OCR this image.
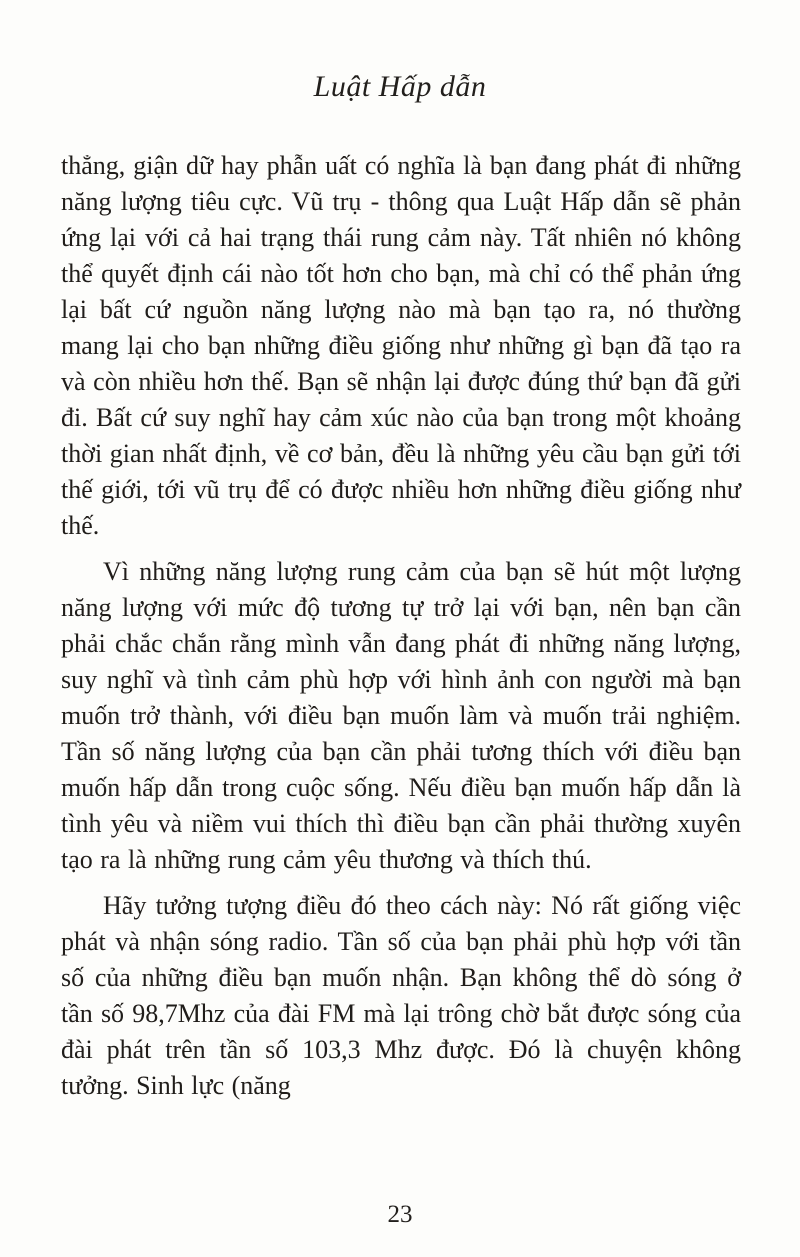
Luật Hấp dẫn

thẳng, giận dữ hay phẫn uất có nghĩa là bạn đang phát đi những năng lượng tiêu cực. Vũ trụ - thông qua Luật Hấp dẫn sẽ phản ứng lại với cả hai trạng thái rung cảm này. Tất nhiên nó không thể quyết định cái nào tốt hơn cho bạn, mà chỉ có thể phản ứng lại bất cứ nguồn năng lượng nào mà bạn tạo ra, nó thường mang lại cho bạn những điều giống như những gì bạn đã tạo ra và còn nhiều hơn thế. Bạn sẽ nhận lại được đúng thứ bạn đã gửi đi. Bất cứ suy nghĩ hay cảm xúc nào của bạn trong một khoảng thời gian nhất định, về cơ bản, đều là những yêu cầu bạn gửi tới thế giới, tới vũ trụ để có được nhiều hơn những điều giống như thế.

Vì những năng lượng rung cảm của bạn sẽ hút một lượng năng lượng với mức độ tương tự trở lại với bạn, nên bạn cần phải chắc chắn rằng mình vẫn đang phát đi những năng lượng, suy nghĩ và tình cảm phù hợp với hình ảnh con người mà bạn muốn trở thành, với điều bạn muốn làm và muốn trải nghiệm. Tần số năng lượng của bạn cần phải tương thích với điều bạn muốn hấp dẫn trong cuộc sống. Nếu điều bạn muốn hấp dẫn là tình yêu và niềm vui thích thì điều bạn cần phải thường xuyên tạo ra là những rung cảm yêu thương và thích thú.

Hãy tưởng tượng điều đó theo cách này: Nó rất giống việc phát và nhận sóng radio. Tần số của bạn phải phù hợp với tần số của những điều bạn muốn nhận. Bạn không thể dò sóng ở tần số 98,7Mhz của đài FM mà lại trông chờ bắt được sóng của đài phát trên tần số 103,3 Mhz được. Đó là chuyện không tưởng. Sinh lực (năng

23
